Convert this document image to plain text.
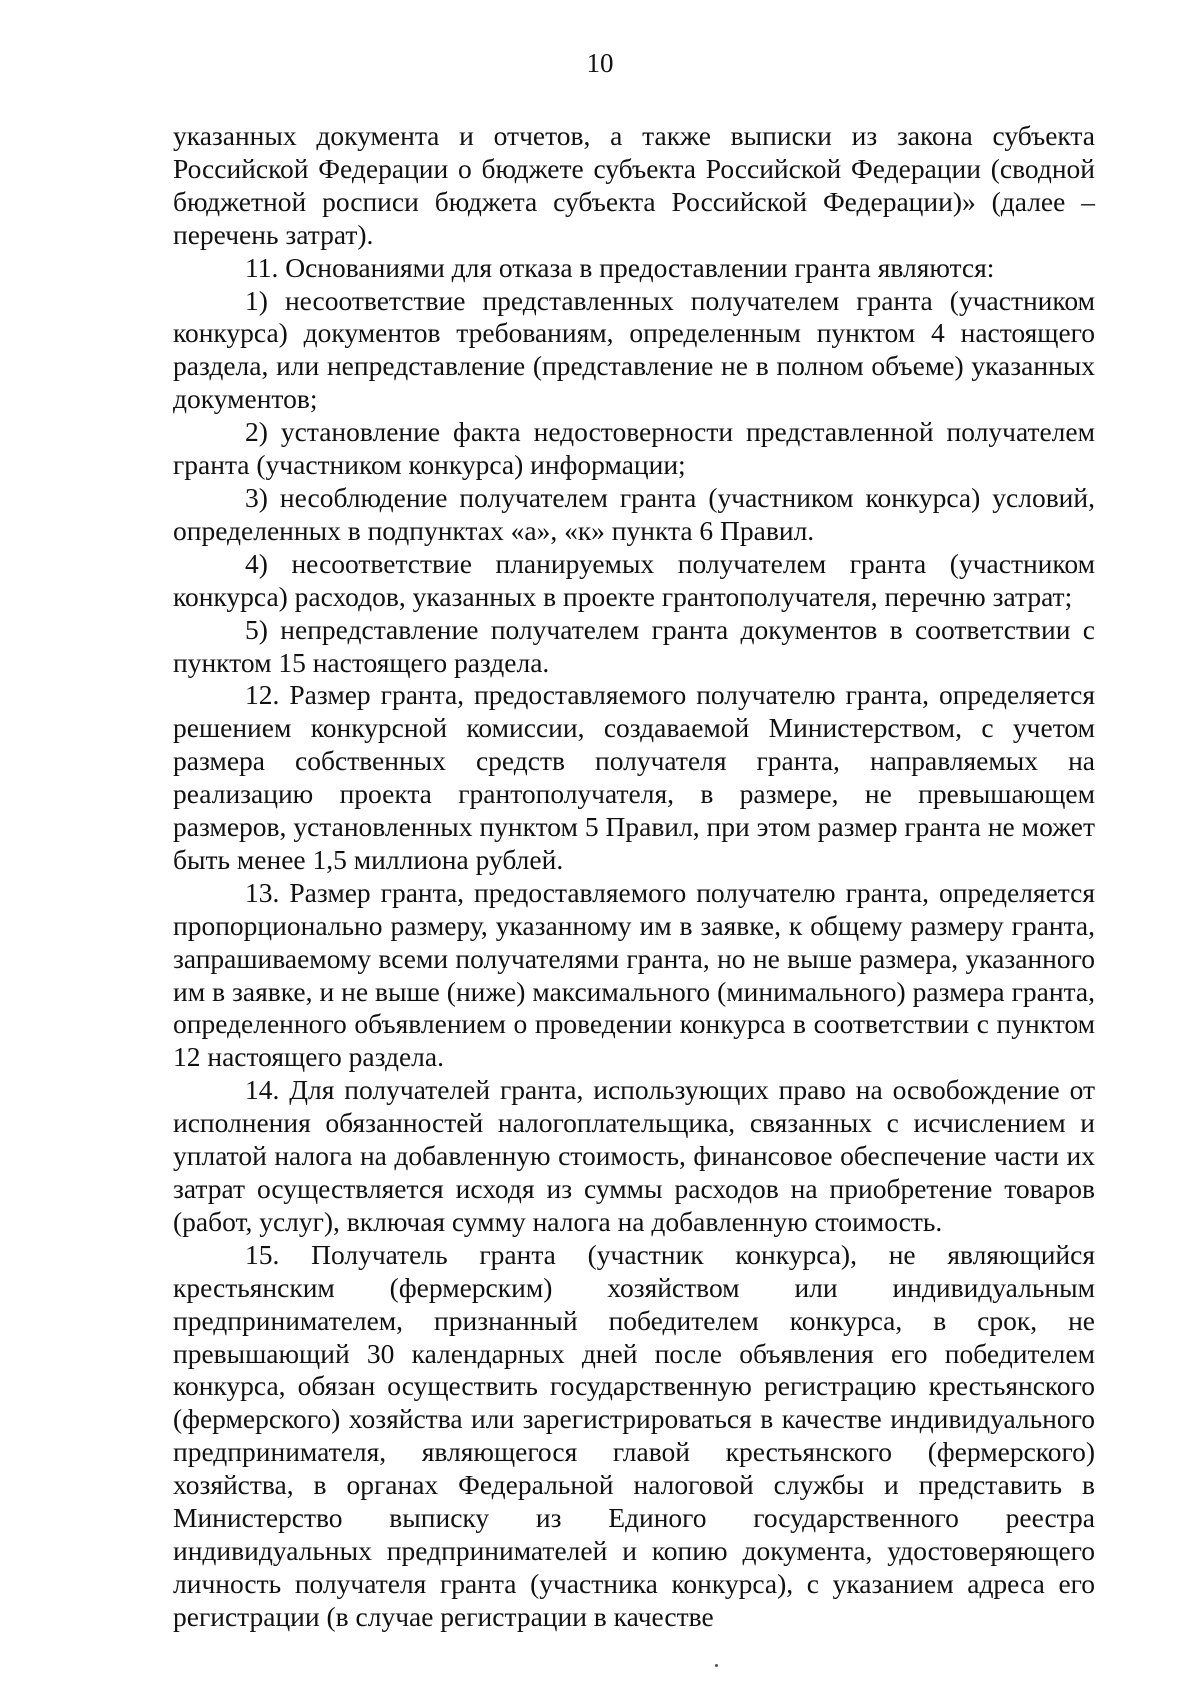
10

указанных документа и отчетов, а также выписки из закона субъекта Российской Федерации о бюджете субъекта Российской Федерации (сводной бюджетной росписи бюджета субъекта Российской Федерации)» (далее – перечень затрат).

11. Основаниями для отказа в предоставлении гранта являются:

1) несоответствие представленных получателем гранта (участником конкурса) документов требованиям, определенным пунктом 4 настоящего раздела, или непредставление (представление не в полном объеме) указанных документов;

2) установление факта недостоверности представленной получателем гранта (участником конкурса) информации;

3) несоблюдение получателем гранта (участником конкурса) условий, определенных в подпунктах «а», «к» пункта 6 Правил.

4) несоответствие планируемых получателем гранта (участником конкурса) расходов, указанных в проекте грантополучателя, перечню затрат;

5) непредставление получателем гранта документов в соответствии с пунктом 15 настоящего раздела.

12. Размер гранта, предоставляемого получателю гранта, определяется решением конкурсной комиссии, создаваемой Министерством, с учетом размера собственных средств получателя гранта, направляемых на реализацию проекта грантополучателя, в размере, не превышающем размеров, установленных пунктом 5 Правил, при этом размер гранта не может быть менее 1,5 миллиона рублей.

13. Размер гранта, предоставляемого получателю гранта, определяется пропорционально размеру, указанному им в заявке, к общему размеру гранта, запрашиваемому всеми получателями гранта, но не выше размера, указанного им в заявке, и не выше (ниже) максимального (минимального) размера гранта, определенного объявлением о проведении конкурса в соответствии с пунктом 12 настоящего раздела.

14. Для получателей гранта, использующих право на освобождение от исполнения обязанностей налогоплательщика, связанных с исчислением и уплатой налога на добавленную стоимость, финансовое обеспечение части их затрат осуществляется исходя из суммы расходов на приобретение товаров (работ, услуг), включая сумму налога на добавленную стоимость.

15. Получатель гранта (участник конкурса), не являющийся крестьянским (фермерским) хозяйством или индивидуальным предпринимателем, признанный победителем конкурса, в срок, не превышающий 30 календарных дней после объявления его победителем конкурса, обязан осуществить государственную регистрацию крестьянского (фермерского) хозяйства или зарегистрироваться в качестве индивидуального предпринимателя, являющегося главой крестьянского (фермерского) хозяйства, в органах Федеральной налоговой службы и представить в Министерство выписку из Единого государственного реестра индивидуальных предпринимателей и копию документа, удостоверяющего личность получателя гранта (участника конкурса), с указанием адреса его регистрации (в случае регистрации в качестве
